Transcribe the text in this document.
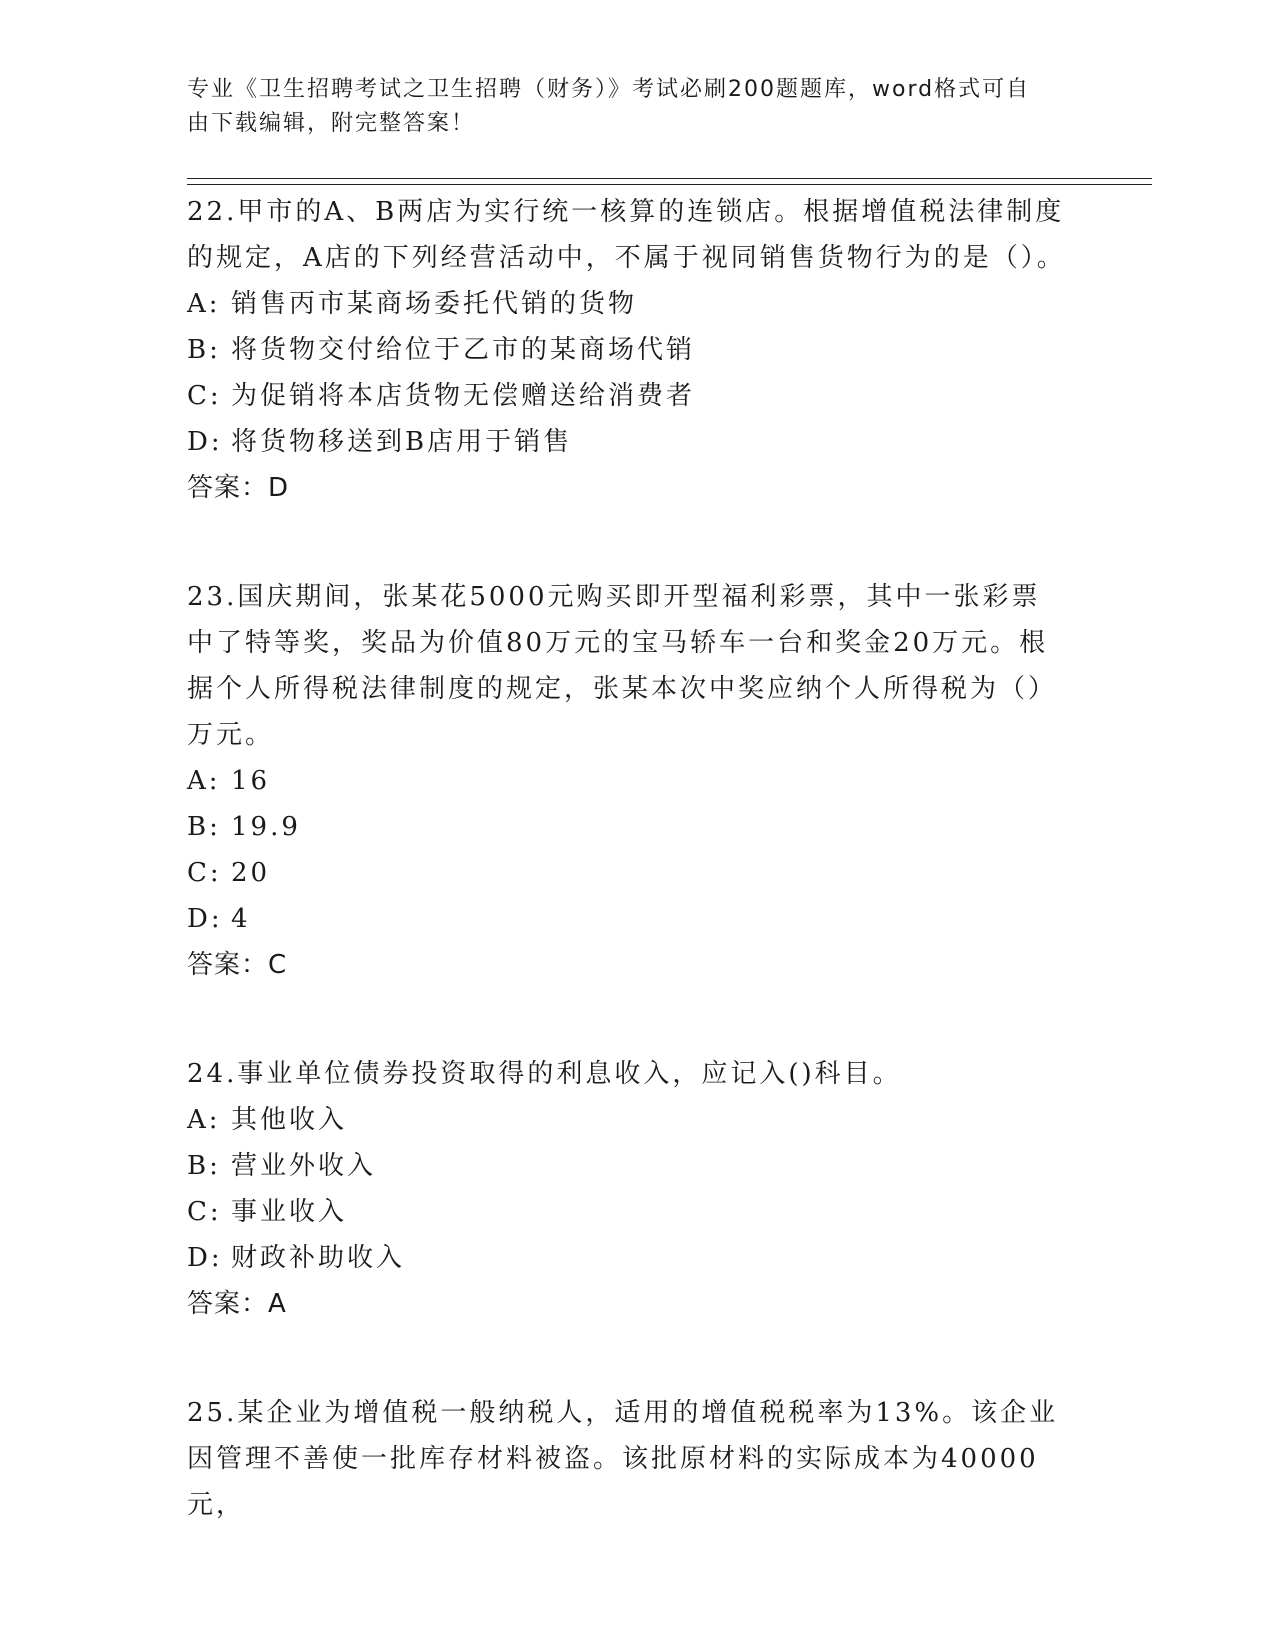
专业《卫生招聘考试之卫生招聘（财务）》考试必刷200题题库，word格式可自
由下载编辑，附完整答案！

22.甲市的A、B两店为实行统一核算的连锁店。根据增值税法律制度的规定，A店的下列经营活动中，不属于视同销售货物行为的是（）。

A: 销售丙市某商场委托代销的货物
B: 将货物交付给位于乙市的某商场代销
C: 为促销将本店货物无偿赠送给消费者
D: 将货物移送到B店用于销售

答案：D

23.国庆期间，张某花5000元购买即开型福利彩票，其中一张彩票中了特等奖，奖品为价值80万元的宝马轿车一台和奖金20万元。根据个人所得税法律制度的规定，张某本次中奖应纳个人所得税为（）万元。

A: 16
B: 19.9
C: 20
D: 4

答案：C

24.事业单位债券投资取得的利息收入，应记入()科目。

A: 其他收入
B: 营业外收入
C: 事业收入
D: 财政补助收入

答案：A

25.某企业为增值税一般纳税人，适用的增值税税率为13%。该企业因管理不善使一批库存材料被盗。该批原材料的实际成本为40000元，
